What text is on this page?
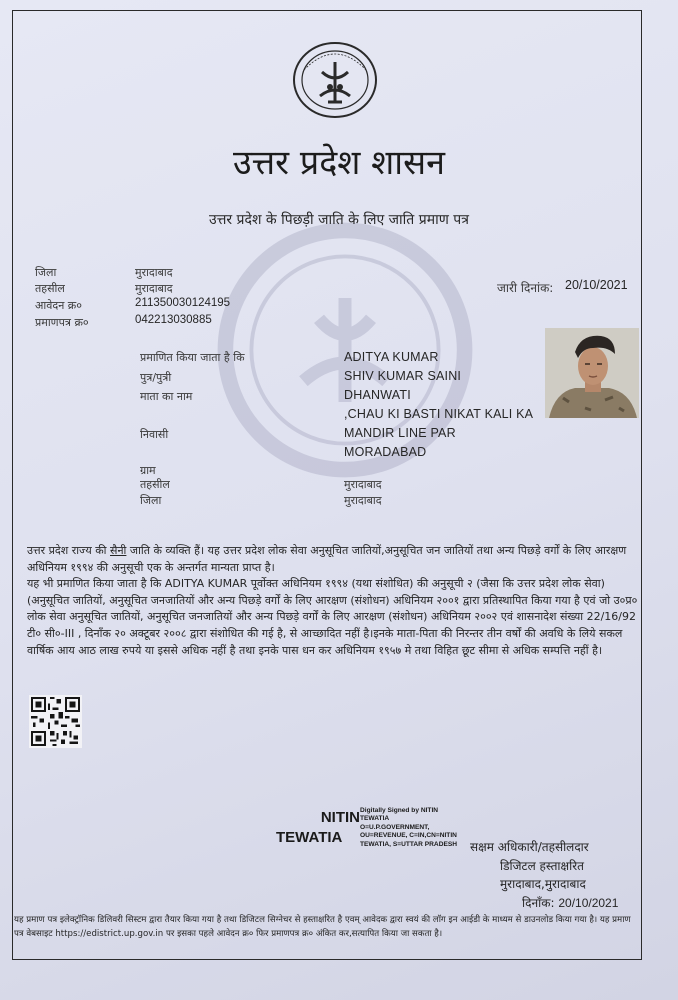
उत्तर प्रदेश शासन
उत्तर प्रदेश के पिछड़ी जाति के लिए जाति प्रमाण पत्र
जिला	मुरादाबाद
तहसील	मुरादाबाद
आवेदन क्र०	211350030124195
प्रमाणपत्र क्र०	042213030885
जारी दिनांक: 20/10/2021
प्रमाणित किया जाता है कि	ADITYA KUMAR
पुत्र/पुत्री	SHIV KUMAR SAINI
माता का नाम	DHANWATI
,CHAU KI BASTI NIKAT KALI KA
निवासी	MANDIR LINE PAR
MORADABAD
ग्राम
तहसील	मुरादाबाद
जिला	मुरादाबाद

उत्तर प्रदेश राज्य की सैनी जाति के व्यक्ति हैं। यह उत्तर प्रदेश लोक सेवा अनुसूचित जातियों,अनुसूचित जन जातियों तथा अन्य पिछड़े वर्गों के लिए आरक्षण अधिनियम १९९४ की अनुसूची एक के अन्तर्गत मान्यता प्राप्त है।

यह भी प्रमाणित किया जाता है कि ADITYA KUMAR पूर्वोक्त अधिनियम १९९४ (यथा संशोधित) की अनुसूची २ (जैसा कि उत्तर प्रदेश लोक सेवा)(अनुसूचित जातियों, अनुसूचित जनजातियों और अन्य पिछड़े वर्गों के लिए आरक्षण (संशोधन) अधिनियम २००१ द्वारा प्रतिस्थापित किया गया है एवं जो उ०प्र० लोक सेवा अनुसूचित जातियों, अनुसूचित जनजातियों और अन्य पिछड़े वर्गों के लिए आरक्षण (संशोधन) अधिनियम २००२ एवं शासनादेश संख्या 22/16/92 टी० सी०-III , दिनाँक २० अक्टूबर २००८ द्वारा संशोधित की गई है, से आच्छादित नहीं है।इनके माता-पिता की निरन्तर तीन वर्षों की अवधि के लिये सकल वार्षिक आय आठ लाख रुपये या इससे अधिक नहीं है तथा इनके पास धन कर अधिनियम १९५७ मे तथा विहित छूट सीमा से अधिक सम्पत्ति नहीं है।

NITIN
TEWATIA
Digitally Signed by NITIN TEWATIA O=U.P.GOVERNMENT, OU=REVENUE, C=IN,CN=NITIN TEWATIA, S=UTTAR PRADESH सक्षम अधिकारी/तहसीलदार
डिजिटल हस्ताक्षरित
मुरादाबाद,मुरादाबाद
दिनाँक: 20/10/2021
यह प्रमाण पत्र इलेक्ट्रॉनिक डिलिवरी सिस्टम द्वारा तैयार किया गया है तथा डिजिटल सिग्नेचर से हस्ताक्षरित है एवम् आवेदक द्वारा स्वयं की लॉग इन आईडी के माध्यम से डाउनलोड किया गया है। यह प्रमाण पत्र वेबसाइट https://edistrict.up.gov.in पर इसका पहले आवेदन क्र० फिर प्रमाणपत्र क्र० अंकित कर,सत्यापित किया जा सकता है।
